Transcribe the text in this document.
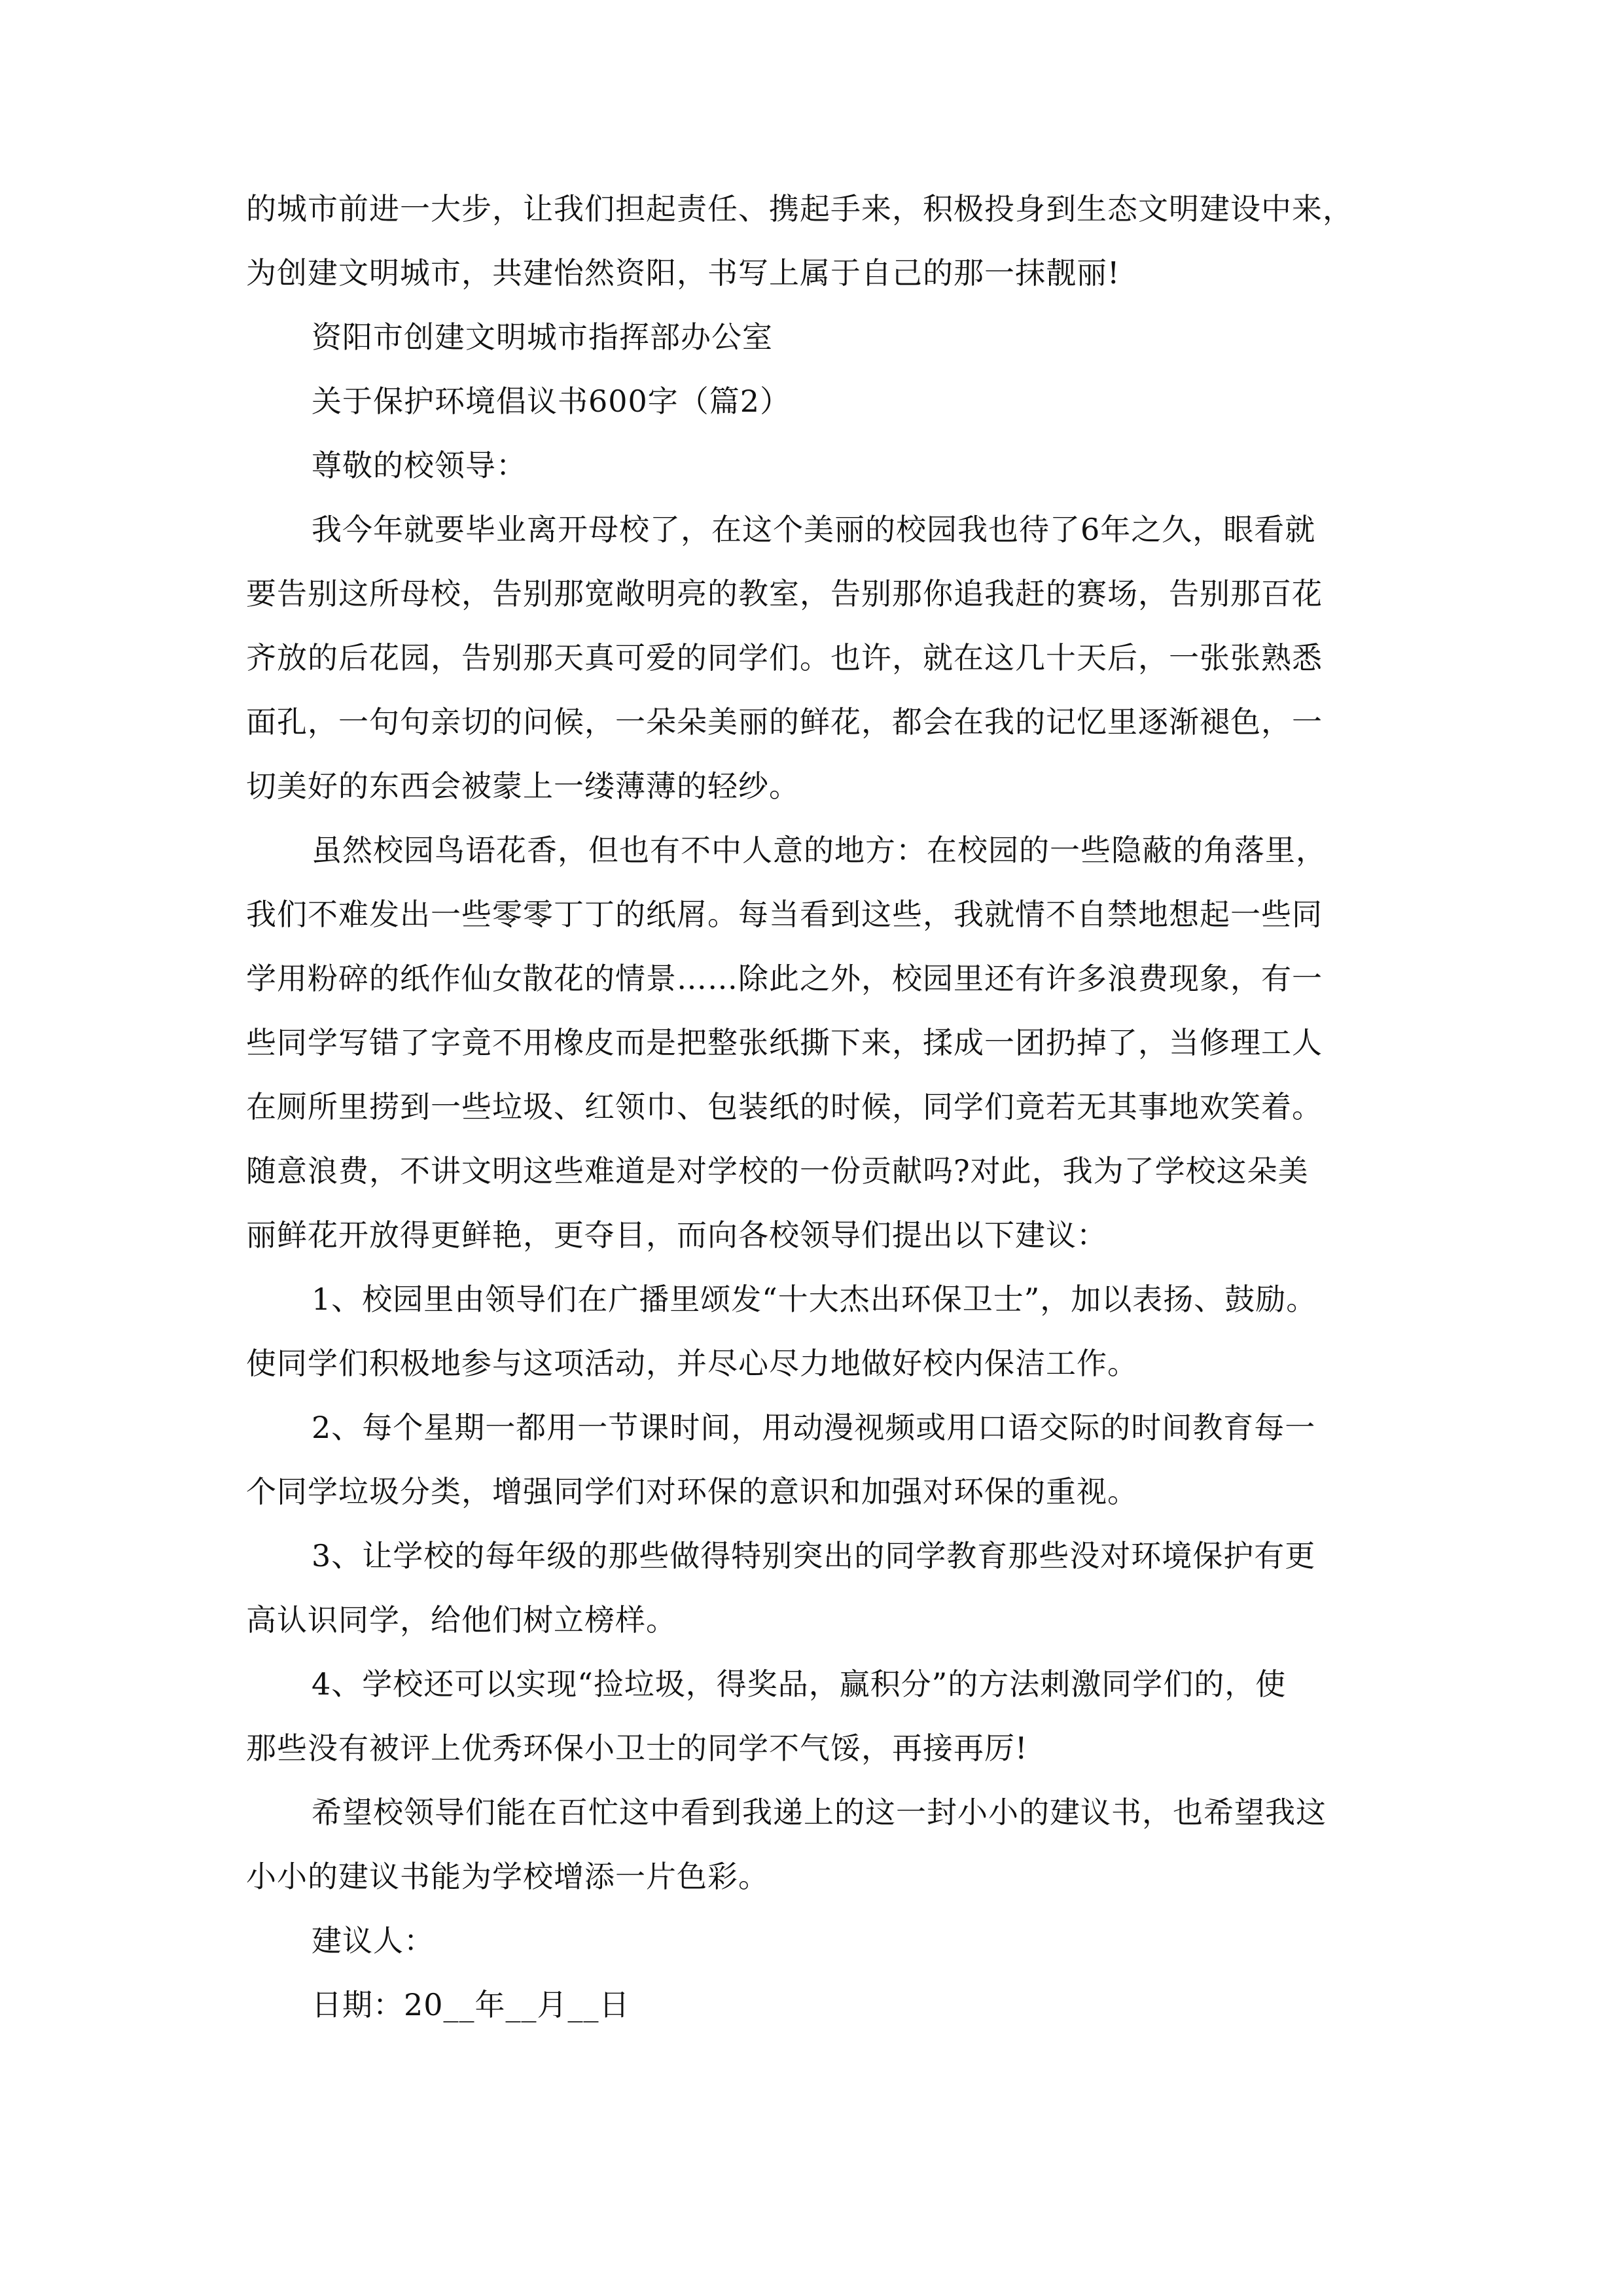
的城市前进一大步，让我们担起责任、携起手来，积极投身到生态文明建设中来，

为创建文明城市，共建怡然资阳，书写上属于自己的那一抹靓丽!

资阳市创建文明城市指挥部办公室

关于保护环境倡议书600字（篇2）

尊敬的校领导：

我今年就要毕业离开母校了，在这个美丽的校园我也待了6年之久，眼看就

要告别这所母校，告别那宽敞明亮的教室，告别那你追我赶的赛场，告别那百花

齐放的后花园，告别那天真可爱的同学们。也许，就在这几十天后，一张张熟悉

面孔，一句句亲切的问候，一朵朵美丽的鲜花，都会在我的记忆里逐渐褪色，一

切美好的东西会被蒙上一缕薄薄的轻纱。

虽然校园鸟语花香，但也有不中人意的地方：在校园的一些隐蔽的角落里，

我们不难发出一些零零丁丁的纸屑。每当看到这些，我就情不自禁地想起一些同

学用粉碎的纸作仙女散花的情景……除此之外，校园里还有许多浪费现象，有一

些同学写错了字竟不用橡皮而是把整张纸撕下来，揉成一团扔掉了，当修理工人

在厕所里捞到一些垃圾、红领巾、包装纸的时候，同学们竟若无其事地欢笑着。

随意浪费，不讲文明这些难道是对学校的一份贡献吗?对此，我为了学校这朵美

丽鲜花开放得更鲜艳，更夺目，而向各校领导们提出以下建议：

1、校园里由领导们在广播里颂发“十大杰出环保卫士”，加以表扬、鼓励。

使同学们积极地参与这项活动，并尽心尽力地做好校内保洁工作。

2、每个星期一都用一节课时间，用动漫视频或用口语交际的时间教育每一

个同学垃圾分类，增强同学们对环保的意识和加强对环保的重视。

3、让学校的每年级的那些做得特别突出的同学教育那些没对环境保护有更

高认识同学，给他们树立榜样。

4、学校还可以实现“捡垃圾，得奖品，赢积分”的方法刺激同学们的，使

那些没有被评上优秀环保小卫士的同学不气馁，再接再厉!

希望校领导们能在百忙这中看到我递上的这一封小小的建议书，也希望我这

小小的建议书能为学校增添一片色彩。

建议人：

日期：20__年__月__日
